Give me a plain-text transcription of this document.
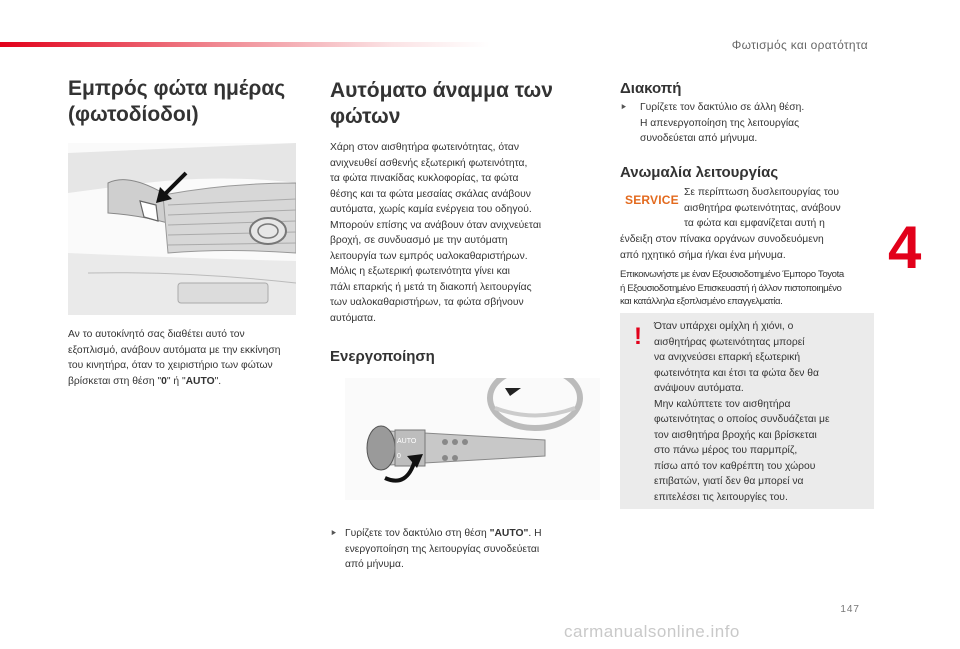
Φωτισμός και ορατότητα
4
147
carmanualsonline.info
Εμπρός φώτα ημέρας
(φωτοδίοδοι)

Αν το αυτοκίνητό σας διαθέτει αυτό τον
εξοπλισμό, ανάβουν αυτόματα με την εκκίνηση
του κινητήρα, όταν το χειριστήριο των φώτων
βρίσκεται στη θέση "0" ή "AUTO".

Αυτόματο άναμμα των
φώτων

Χάρη στον αισθητήρα φωτεινότητας, όταν
ανιχνευθεί ασθενής εξωτερική φωτεινότητα,
τα φώτα πινακίδας κυκλοφορίας, τα φώτα
θέσης και τα φώτα μεσαίας σκάλας ανάβουν
αυτόματα, χωρίς καμία ενέργεια του οδηγού.
Μπορούν επίσης να ανάβουν όταν ανιχνεύεται
βροχή, σε συνδυασμό με την αυτόματη
λειτουργία των εμπρός υαλοκαθαριστήρων.
Μόλις η εξωτερική φωτεινότητα γίνει και
πάλι επαρκής ή μετά τη διακοπή λειτουργίας
των υαλοκαθαριστήρων, τα φώτα σβήνουν
αυτόματα.

Ενεργοποίηση
AUTO
0

Γυρίζετε τον δακτύλιο στη θέση "AUTO". Η
ενεργοποίηση της λειτουργίας συνοδεύεται
από μήνυμα.

⯈
Διακοπή
⯈ Γυρίζετε τον δακτύλιο σε άλλη θέση.
Η απενεργοποίηση της λειτουργίας
συνοδεύεται από μήνυμα.

Ανωμαλία λειτουργίας
SERVICE

Σε περίπτωση δυσλειτουργίας του
αισθητήρα φωτεινότητας, ανάβουν
τα φώτα και εμφανίζεται αυτή η

ένδειξη στον πίνακα οργάνων συνοδευόμενη
από ηχητικό σήμα ή/και ένα μήνυμα.

Επικοινωνήστε με έναν Εξουσιοδοτημένο Έμπορο Toyota
ή Εξουσιοδοτημένο Επισκευαστή ή άλλον πιστοποιημένο
και κατάλληλα εξοπλισμένο επαγγελματία.

! Όταν υπάρχει ομίχλη ή χιόνι, ο
αισθητήρας φωτεινότητας μπορεί
να ανιχνεύσει επαρκή εξωτερική
φωτεινότητα και έτσι τα φώτα δεν θα
ανάψουν αυτόματα.
Μην καλύπτετε τον αισθητήρα
φωτεινότητας ο οποίος συνδυάζεται με
τον αισθητήρα βροχής και βρίσκεται
στο πάνω μέρος του παρμπρίζ,
πίσω από τον καθρέπτη του χώρου
επιβατών, γιατί δεν θα μπορεί να
επιτελέσει τις λειτουργίες του.
